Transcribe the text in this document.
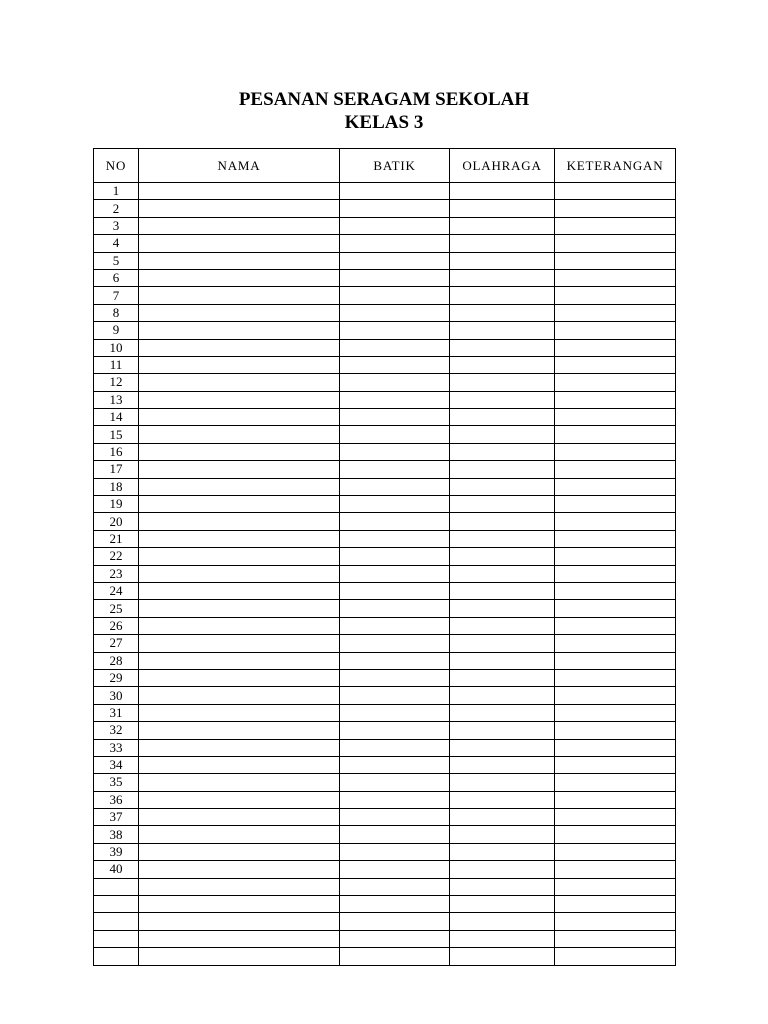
PESANAN SERAGAM SEKOLAH
KELAS 3
NO	NAMA	BATIK	OLAHRAGA	KETERANGAN
1				
2				
3				
4				
5				
6				
7				
8				
9				
10				
11				
12				
13				
14				
15				
16				
17				
18				
19				
20				
21				
22				
23				
24				
25				
26				
27				
28				
29				
30				
31				
32				
33				
34				
35				
36				
37				
38				
39				
40				
